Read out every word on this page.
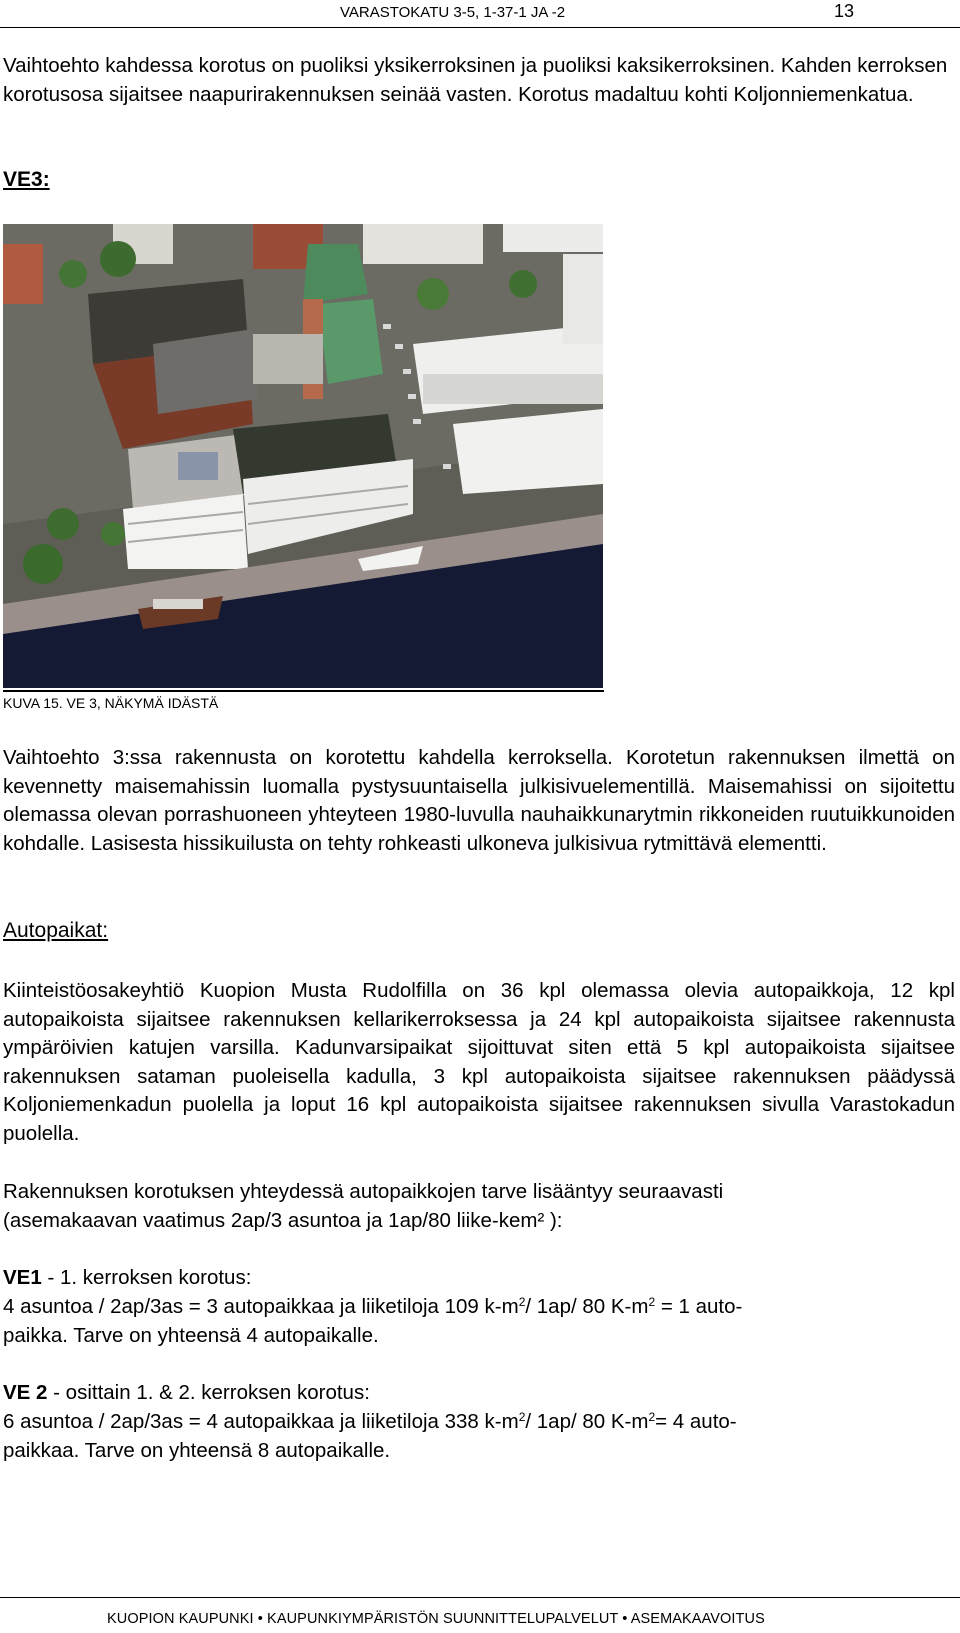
VARASTOKATU 3-5, 1-37-1 JA -2	13

Vaihtoehto kahdessa korotus on puoliksi yksikerroksinen ja puoliksi kaksikerroksinen. Kahden kerroksen korotusosa sijaitsee naapurirakennuksen seinää vasten. Korotus madaltuu kohti Koljonniemenkatua.

VE3:
KUVA 15. VE 3, NÄKYMÄ IDÄSTÄ

Vaihtoehto 3:ssa rakennusta on korotettu kahdella kerroksella. Korotetun rakennuksen ilmettä on kevennetty maisemahissin luomalla pystysuuntaisella julkisivuelementillä. Maisemahissi on sijoitettu olemassa olevan porrashuoneen yhteyteen 1980-luvulla nauhaikkunarytmin rikkoneiden ruutuikkunoiden kohdalle. Lasisesta hissikuilusta on tehty rohkeasti ulkoneva julkisivua rytmittävä elementti.

Autopaikat:

Kiinteistöosakeyhtiö Kuopion Musta Rudolfilla on 36 kpl olemassa olevia autopaikkoja, 12 kpl autopaikoista sijaitsee rakennuksen kellarikerroksessa ja 24 kpl autopaikoista sijaitsee rakennusta ympäröivien katujen varsilla. Kadunvarsipaikat sijoittuvat siten että 5 kpl autopaikoista sijaitsee rakennuksen sataman puoleisella kadulla, 3 kpl autopaikoista sijaitsee rakennuksen päädyssä Koljoniemenkadun puolella ja loput 16 kpl autopaikoista sijaitsee rakennuksen sivulla Varastokadun puolella.

Rakennuksen korotuksen yhteydessä autopaikkojen tarve lisääntyy seuraavasti
(asemakaavan vaatimus 2ap/3 asuntoa ja 1ap/80 liike-kem² ):
VE1 - 1. kerroksen korotus:
4 asuntoa / 2ap/3as = 3 autopaikkaa ja liiketiloja 109 $k-m^2/$ 1ap/ 80 $K-m^2 = 1$ auto-
paikka. Tarve on yhteensä 4 autopaikalle.
VE 2 - osittain 1. & 2. kerroksen korotus:
6 asuntoa / 2ap/3as = 4 autopaikkaa ja liiketiloja 338 $k-m^2/$ 1ap/ 80 $K-m^2= 4$ auto-
paikkaa. Tarve on yhteensä 8 autopaikalle.
KUOPION KAUPUNKI • KAUPUNKIYMPÄRISTÖN SUUNNITTELUPALVELUT • ASEMAKAAVOITUS
